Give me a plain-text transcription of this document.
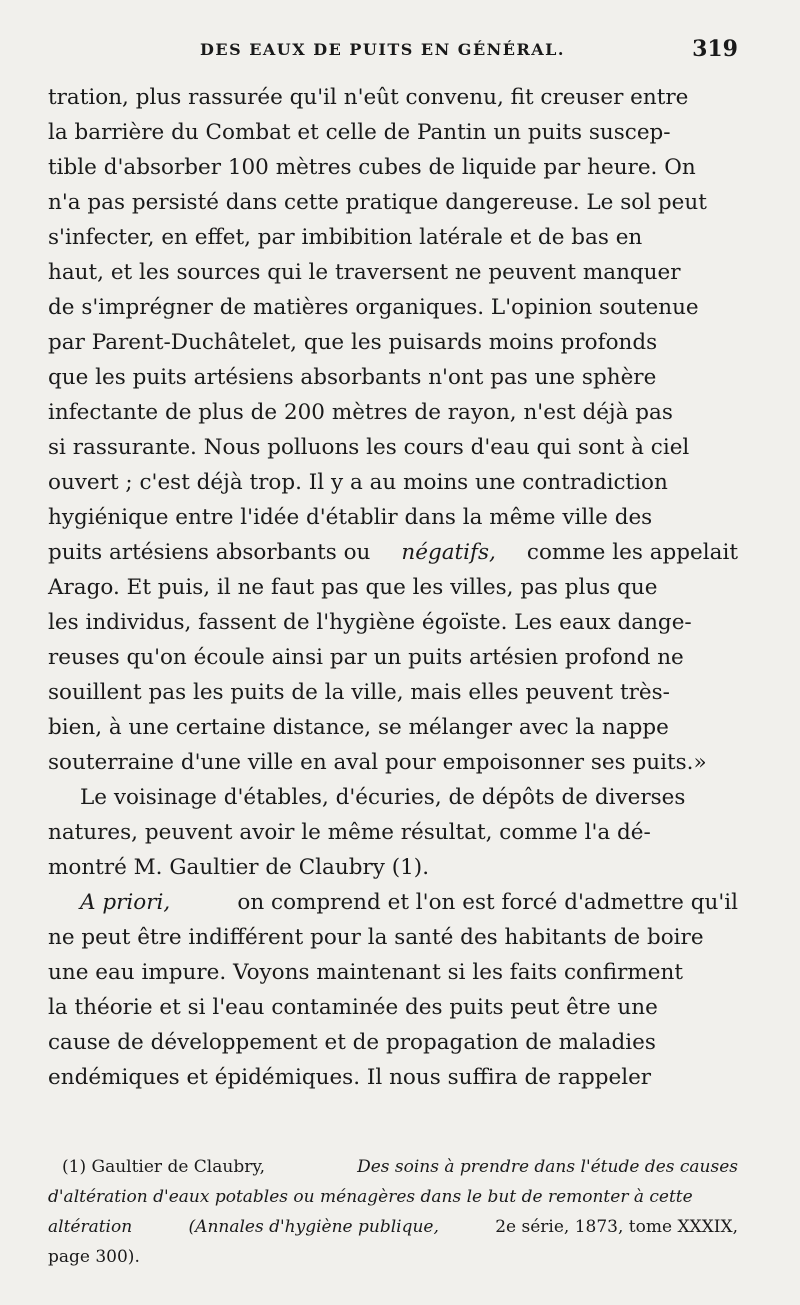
DES EAUX DE PUITS EN GÉNÉRAL.	319
tration, plus rassurée qu'il n'eût convenu, fit creuser entre
la barrière du Combat et celle de Pantin un puits suscep-
tible d'absorber 100 mètres cubes de liquide par heure. On
n'a pas persisté dans cette pratique dangereuse. Le sol peut
s'infecter, en effet, par imbibition latérale et de bas en
haut, et les sources qui le traversent ne peuvent manquer
de s'imprégner de matières organiques. L'opinion soutenue
par Parent-Duchâtelet, que les puisards moins profonds
que les puits artésiens absorbants n'ont pas une sphère
infectante de plus de 200 mètres de rayon, n'est déjà pas
si rassurante. Nous polluons les cours d'eau qui sont à ciel
ouvert ; c'est déjà trop. Il y a au moins une contradiction
hygiénique entre l'idée d'établir dans la même ville des
puits artésiens absorbants ou négatifs, comme les appelait
Arago. Et puis, il ne faut pas que les villes, pas plus que
les individus, fassent de l'hygiène égoïste. Les eaux dange-
reuses qu'on écoule ainsi par un puits artésien profond ne
souillent pas les puits de la ville, mais elles peuvent très-
bien, à une certaine distance, se mélanger avec la nappe
souterraine d'une ville en aval pour empoisonner ses puits.»
Le voisinage d'étables, d'écuries, de dépôts de diverses
natures, peuvent avoir le même résultat, comme l'a dé-
montré M. Gaultier de Claubry (1).
A priori,	on comprend et l'on est forcé d'admettre qu'il
ne peut être indifférent pour la santé des habitants de boire
une eau impure. Voyons maintenant si les faits confirment
la théorie et si l'eau contaminée des puits peut être une
cause de développement et de propagation de maladies
endémiques et épidémiques. Il nous suffira de rappeler
(1) Gaultier de Claubry,	Des soins à prendre dans l'étude des causes
d'altération d'eaux potables ou ménagères dans le but de remonter à cette
altération	(Annales d'hygiène publique,	2e série, 1873, tome XXXIX,
page 300).
